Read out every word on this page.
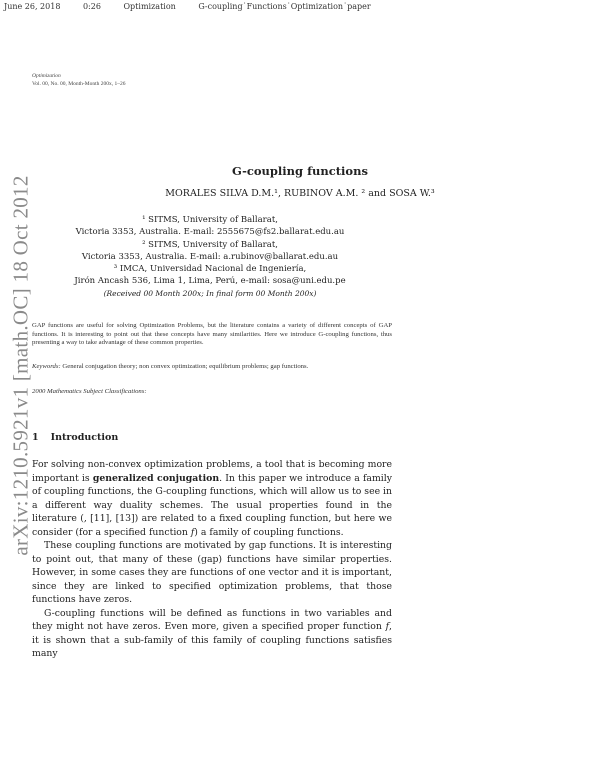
June 26, 2018	0:26	Optimization	G-coupling˙Functions˙Optimization˙paper
Optimization
Vol. 00, No. 00, Month-Month 200x, 1–26
arXiv:1210.5921v1 [math.OC] 18 Oct 2012
G-coupling functions
MORALES SILVA D.M.¹, RUBINOV A.M. ² and SOSA W.³
¹ SITMS, University of Ballarat,
Victoria 3353, Australia. E-mail: 2555675@fs2.ballarat.edu.au
² SITMS, University of Ballarat,
Victoria 3353, Australia. E-mail: a.rubinov@ballarat.edu.au
³ IMCA, Universidad Nacional de Ingeniería,
Jirón Ancash 536, Lima 1, Lima, Perú, e-mail: sosa@uni.edu.pe
(Received 00 Month 200x; In final form 00 Month 200x)
GAP functions are useful for solving Optimization Problems, but the literature contains a variety of different concepts of GAP functions. It is interesting to point out that these concepts have many similarities. Here we introduce G-coupling functions, thus presenting a way to take advantage of these common properties.
Keywords: General conjugation theory; non convex optimization; equilibrium problems; gap functions.
2000 Mathematics Subject Classifications:
1 Introduction

For solving non-convex optimization problems, a tool that is becoming more important is generalized conjugation. In this paper we introduce a family of coupling functions, the G-coupling functions, which will allow us to see in a different way duality schemes. The usual properties found in the literature (, [11], [13]) are related to a fixed coupling function, but here we consider (for a specified function f) a family of coupling functions.

These coupling functions are motivated by gap functions. It is interesting to point out, that many of these (gap) functions have similar properties. However, in some cases they are functions of one vector and it is important, since they are linked to specified optimization problems, that those functions have zeros.

G-coupling functions will be defined as functions in two variables and they might not have zeros. Even more, given a specified proper function f, it is shown that a sub-family of this family of coupling functions satisfies many
